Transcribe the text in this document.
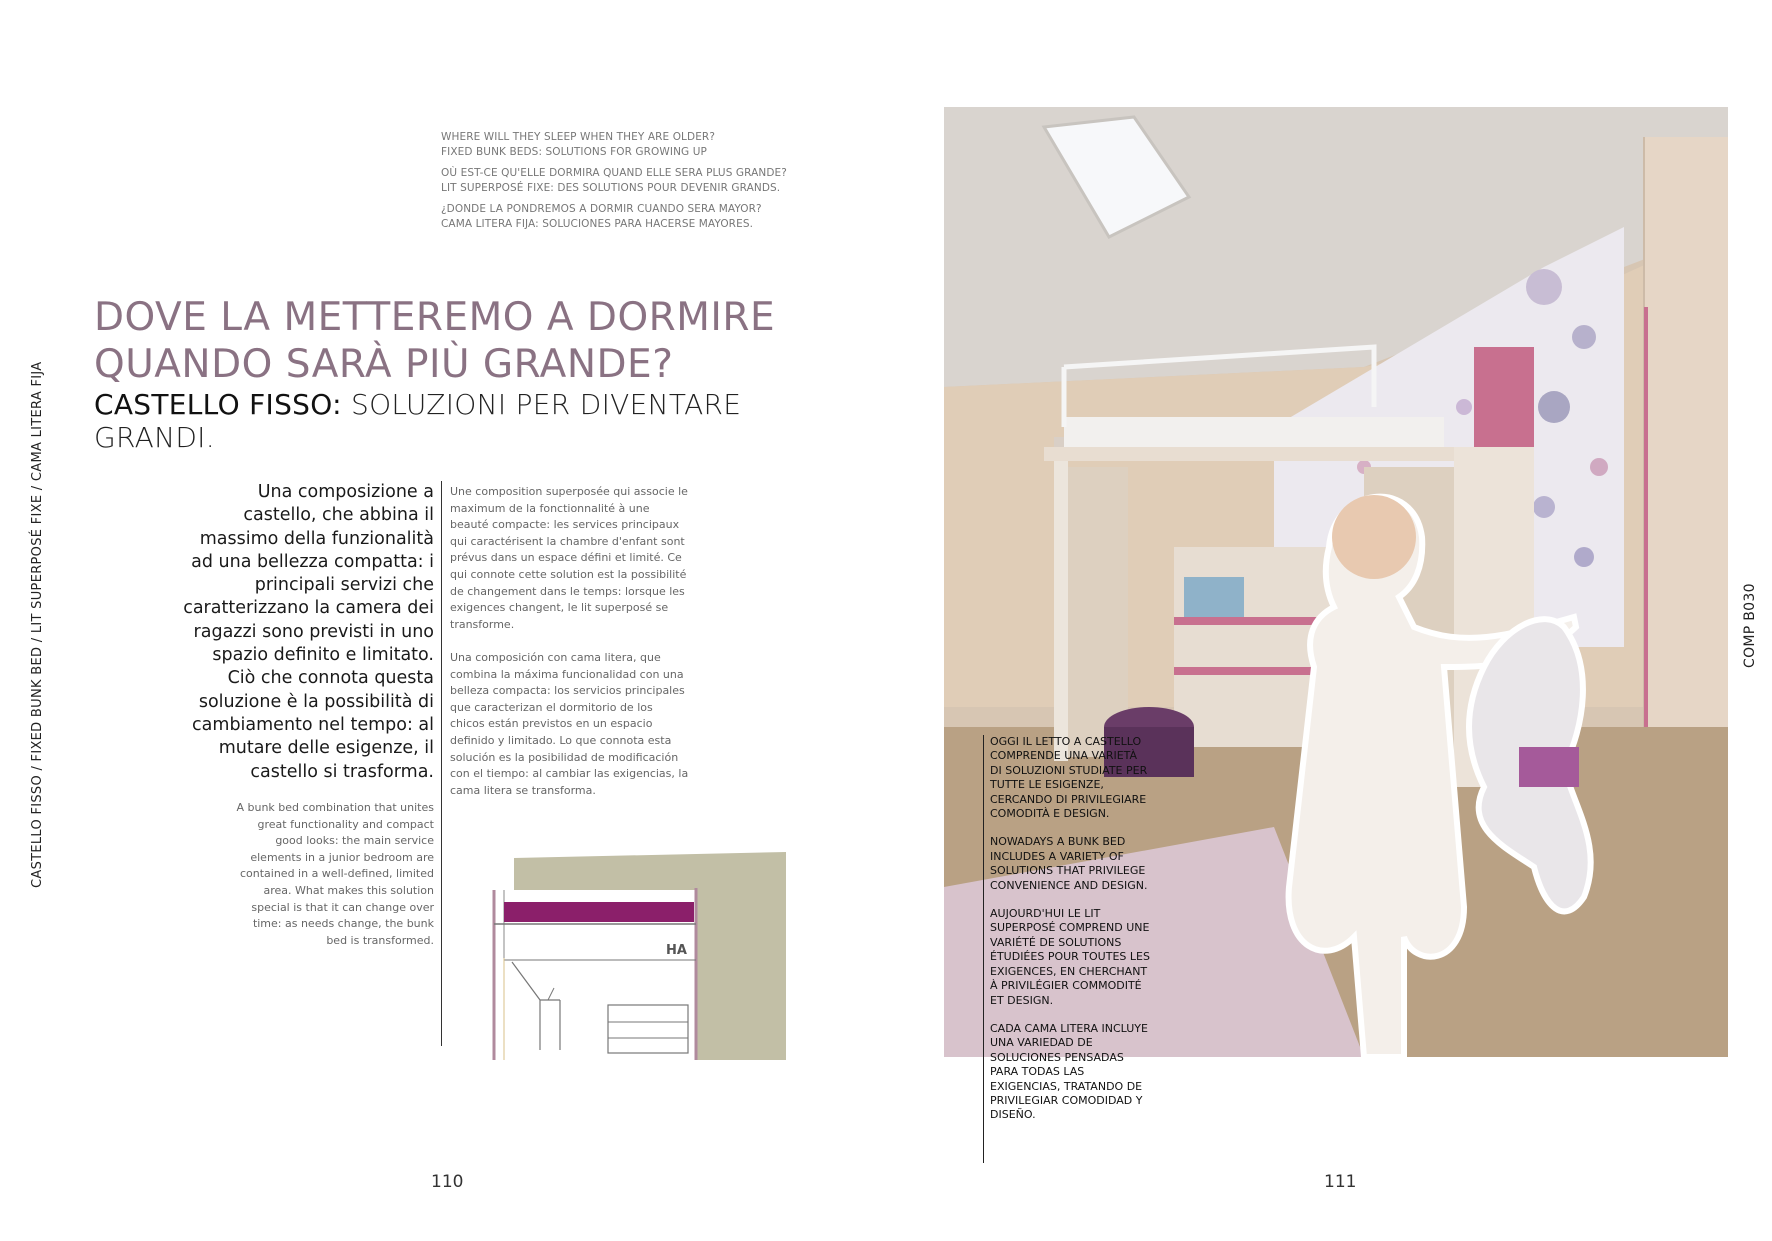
CASTELLO FISSO / FIXED BUNK BED / LIT SUPERPOSÉ FIXE / CAMA LITERA FIJA

WHERE WILL THEY SLEEP WHEN THEY ARE OLDER?
FIXED BUNK BEDS: SOLUTIONS FOR GROWING UP

OÙ EST-CE QU'ELLE DORMIRA QUAND ELLE SERA PLUS GRANDE?
LIT SUPERPOSÉ FIXE: DES SOLUTIONS POUR DEVENIR GRANDS.

¿DONDE LA PONDREMOS A DORMIR CUANDO SERA MAYOR?
CAMA LITERA FIJA: SOLUCIONES PARA HACERSE MAYORES.

DOVE LA METTEREMO A DORMIRE
QUANDO SARÀ PIÙ GRANDE?
CASTELLO FISSO: SOLUZIONI PER DIVENTARE GRANDI.
Una composizione a castello, che abbina il massimo della funzionalità ad una bellezza compatta: i principali servizi che caratterizzano la camera dei ragazzi sono previsti in uno spazio definito e limitato. Ciò che connota questa soluzione è la possibilità di cambiamento nel tempo: al mutare delle esigenze, il castello si trasforma.
A bunk bed combination that unites great functionality and compact good looks: the main service elements in a junior bedroom are contained in a well-defined, limited area. What makes this solution special is that it can change over time: as needs change, the bunk bed is transformed.
Une composition superposée qui associe le maximum de la fonctionnalité à une beauté compacte: les services principaux qui caractérisent la chambre d'enfant sont prévus dans un espace défini et limité. Ce qui connote cette solution est la possibilité de changement dans le temps: lorsque les exigences changent, le lit superposé se transforme.
Una composición con cama litera, que combina la máxima funcionalidad con una belleza compacta: los servicios principales que caracterizan el dormitorio de los chicos están previstos en un espacio definido y limitado. Lo que connota esta solución es la posibilidad de modificación con el tiempo: al cambiar las exigencias, la cama litera se transforma.
HA
110

OGGI IL LETTO A CASTELLO COMPRENDE UNA VARIETÀ DI SOLUZIONI STUDIATE PER TUTTE LE ESIGENZE, CERCANDO DI PRIVILEGIARE COMODITÀ E DESIGN.

NOWADAYS A BUNK BED INCLUDES A VARIETY OF SOLUTIONS THAT PRIVILEGE CONVENIENCE AND DESIGN.

AUJOURD'HUI LE LIT SUPERPOSÉ COMPREND UNE VARIÉTÉ DE SOLUTIONS ÉTUDIÉES POUR TOUTES LES EXIGENCES, EN CHERCHANT À PRIVILÉGIER COMMODITÉ ET DESIGN.

CADA CAMA LITERA INCLUYE UNA VARIEDAD DE SOLUCIONES PENSADAS PARA TODAS LAS EXIGENCIAS, TRATANDO DE PRIVILEGIAR COMODIDAD Y DISEÑO.

COMP B030
111
